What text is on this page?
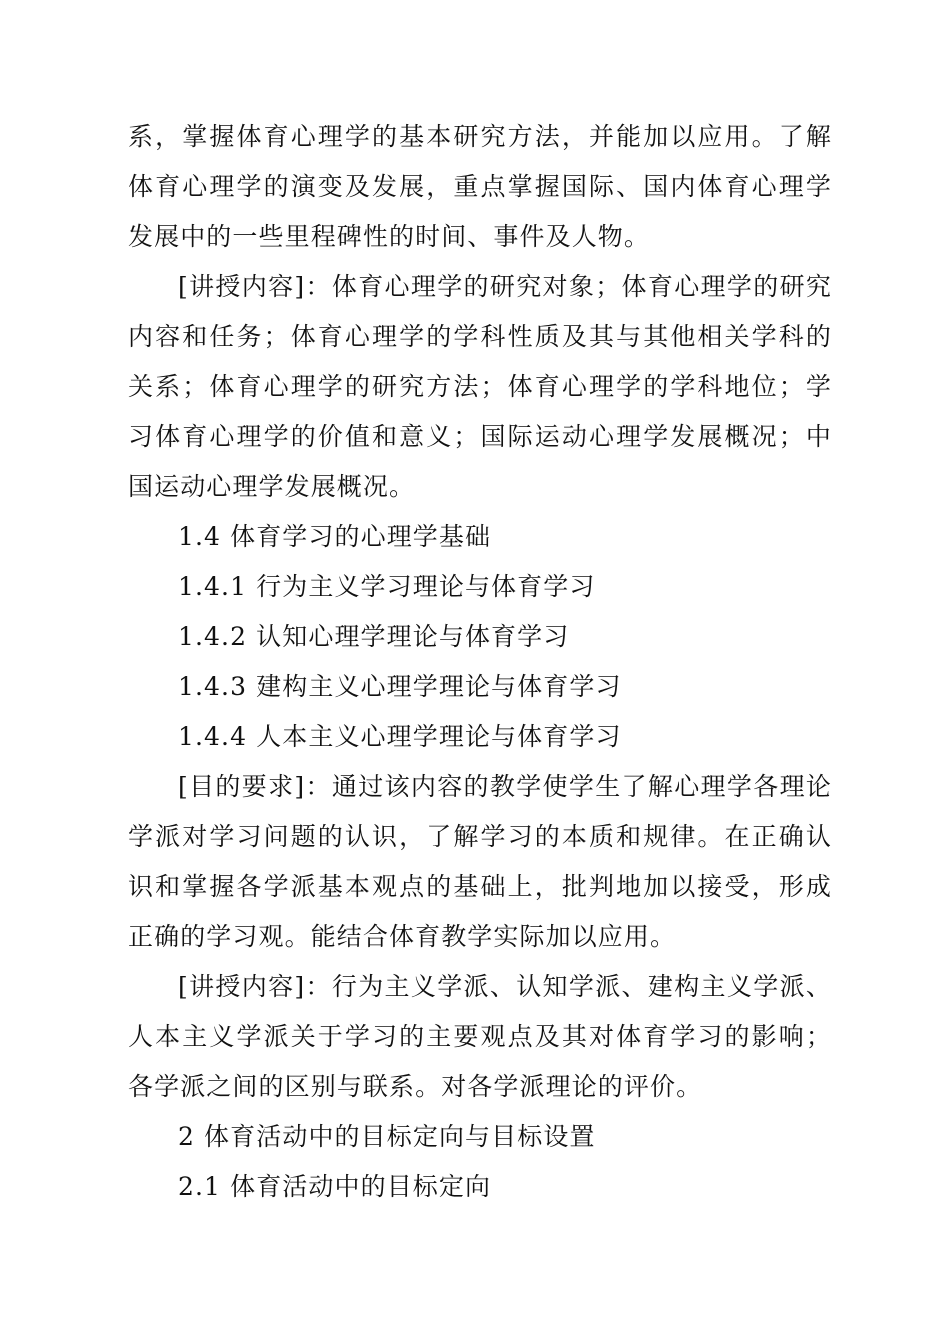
系，掌握体育心理学的基本研究方法，并能加以应用。了解体育心理学的演变及发展，重点掌握国际、国内体育心理学发展中的一些里程碑性的时间、事件及人物。

[讲授内容]：体育心理学的研究对象；体育心理学的研究内容和任务；体育心理学的学科性质及其与其他相关学科的关系；体育心理学的研究方法；体育心理学的学科地位；学习体育心理学的价值和意义；国际运动心理学发展概况；中国运动心理学发展概况。

1.4 体育学习的心理学基础

1.4.1 行为主义学习理论与体育学习

1.4.2 认知心理学理论与体育学习

1.4.3 建构主义心理学理论与体育学习

1.4.4 人本主义心理学理论与体育学习

[目的要求]：通过该内容的教学使学生了解心理学各理论学派对学习问题的认识，了解学习的本质和规律。在正确认识和掌握各学派基本观点的基础上，批判地加以接受，形成正确的学习观。能结合体育教学实际加以应用。

[讲授内容]：行为主义学派、认知学派、建构主义学派、人本主义学派关于学习的主要观点及其对体育学习的影响；各学派之间的区别与联系。对各学派理论的评价。

2 体育活动中的目标定向与目标设置

2.1 体育活动中的目标定向
